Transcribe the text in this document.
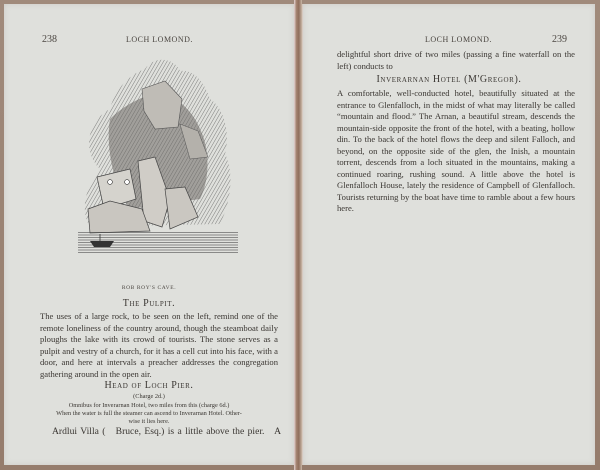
238	LOCH LOMOND.
ROB ROY'S CAVE.
The Pulpit.
The uses of a large rock, to be seen on the left, remind one of the remote loneliness of the country around, though the steamboat daily ploughs the lake with its crowd of tourists. The stone serves as a pulpit and vestry of a church, for it has a cell cut into his face, with a door, and here at intervals a preacher addresses the congregation gathering around in the open air.
Head of Loch Pier.
(Charge 2d.)
Omnibus for Inverarnan Hotel, two miles from this (charge 6d.)
When the water is full the steamer can ascend to Inverarnan Hotel. Other-
wise it lies here.
Ardlui Villa (   Bruce, Esq.) is a little above the pier.   A
LOCH LOMOND.	239
delightful short drive of two miles (passing a fine waterfall on the left) conducts to
Inverarnan Hotel (M'Gregor).
A comfortable, well-conducted hotel, beautifully situated at the entrance to Glenfalloch, in the midst of what may literally be called “mountain and flood.” The Arnan, a beautiful stream, descends the mountain-side opposite the front of the hotel, with a beating, hollow din. To the back of the hotel flows the deep and silent Falloch, and beyond, on the opposite side of the glen, the Inish, a mountain torrent, descends from a loch situated in the mountains, making a continued roaring, rushing sound. A little above the hotel is Glenfalloch House, lately the residence of Campbell of Glenfalloch. Tourists returning by the boat have time to ramble about a few hours here.
